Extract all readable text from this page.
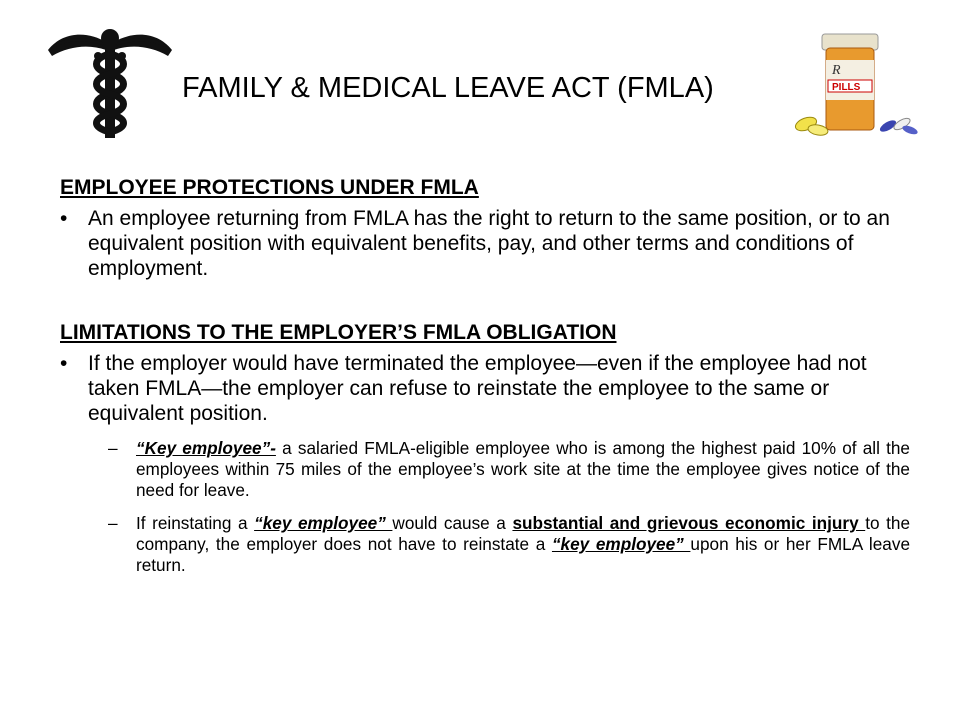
FAMILY & MEDICAL LEAVE ACT (FMLA)
R
PILLS

EMPLOYEE PROTECTIONS UNDER FMLA

• An employee returning from FMLA has the right to return to the same position, or to an equivalent position with equivalent benefits, pay, and other terms and conditions of employment.

LIMITATIONS TO THE EMPLOYER’S FMLA OBLIGATION

• If the employer would have terminated the employee—even if the employee had not taken FMLA—the employer can refuse to reinstate the employee to the same or equivalent position.

– “Key employee”- a salaried FMLA-eligible employee who is among the highest paid 10% of all the employees within 75 miles of the employee’s work site at the time the employee gives notice of the need for leave.

– If reinstating a “key employee” would cause a substantial and grievous economic injury to the company, the employer does not have to reinstate a “key employee” upon his or her FMLA leave return.
